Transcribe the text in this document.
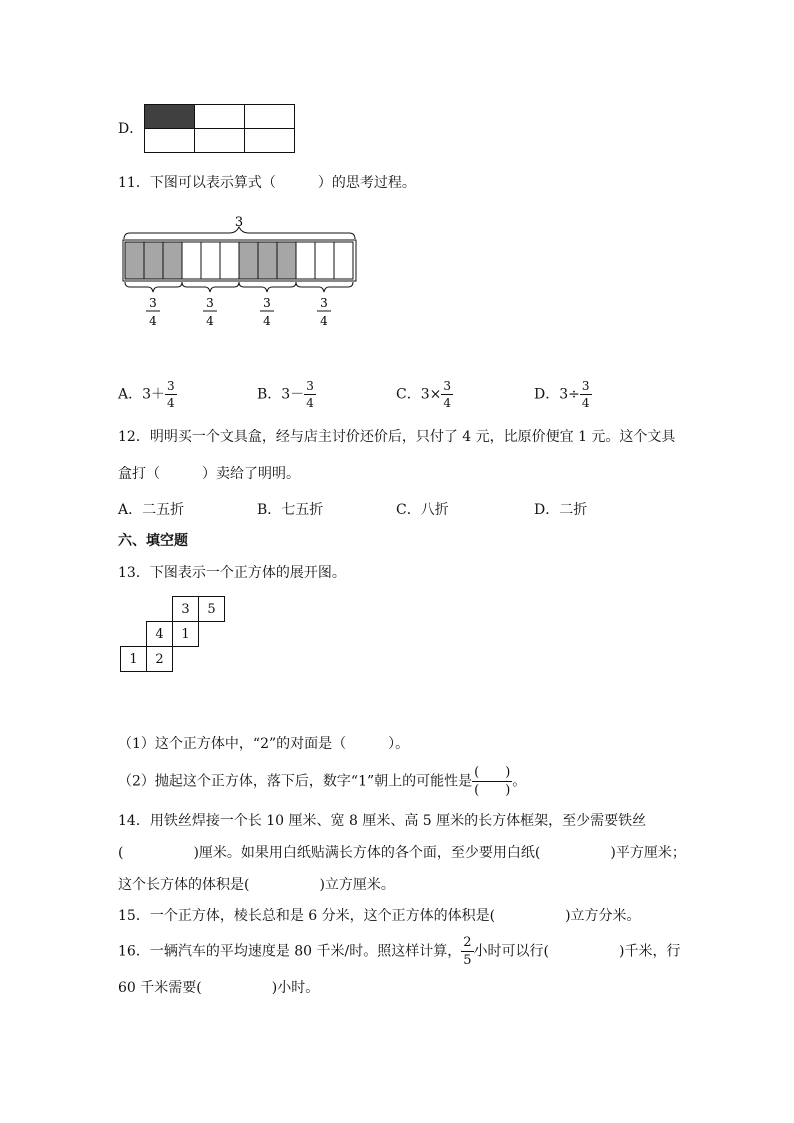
D．

11．下图可以表示算式（　　　）的思考过程。
3
3
4
3
4
3
4
3
4
A．$3+ \frac{3}{4}$	B．$3- \frac{3}{4}$	C．$3\times \frac{3}{4}$	D．$3\div \frac{3}{4}$
12．明明买一个文具盒，经与店主讨价还价后，只付了 4 元，比原价便宜 1 元。这个文具
盒打（　　　）卖给了明明。
A．二五折	B．七五折	C．八折	D．二折
六、填空题
13．下图表示一个正方体的展开图。
		3	5
	4	1	
1	2		
（1）这个正方体中，“2”的对面是（　　　）。
（2）抛起这个正方体，落下后，数字“1”朝上的可能性是 $\frac{( )}{( )}$ 。
14．用铁丝焊接一个长 10 厘米、宽 8 厘米、高 5 厘米的长方体框架，至少需要铁丝
(　　　　　)厘米。如果用白纸贴满长方体的各个面，至少要用白纸(　　　　　)平方厘米；
这个长方体的体积是(　　　　　)立方厘米。
15．一个正方体，棱长总和是 6 分米，这个正方体的体积是(　　　　　)立方分米。
16．一辆汽车的平均速度是 80 千米/时。照这样计算， $\frac{2}{5}$ 小时可以行(　　　　　)千米，行
60 千米需要(　　　　　)小时。
